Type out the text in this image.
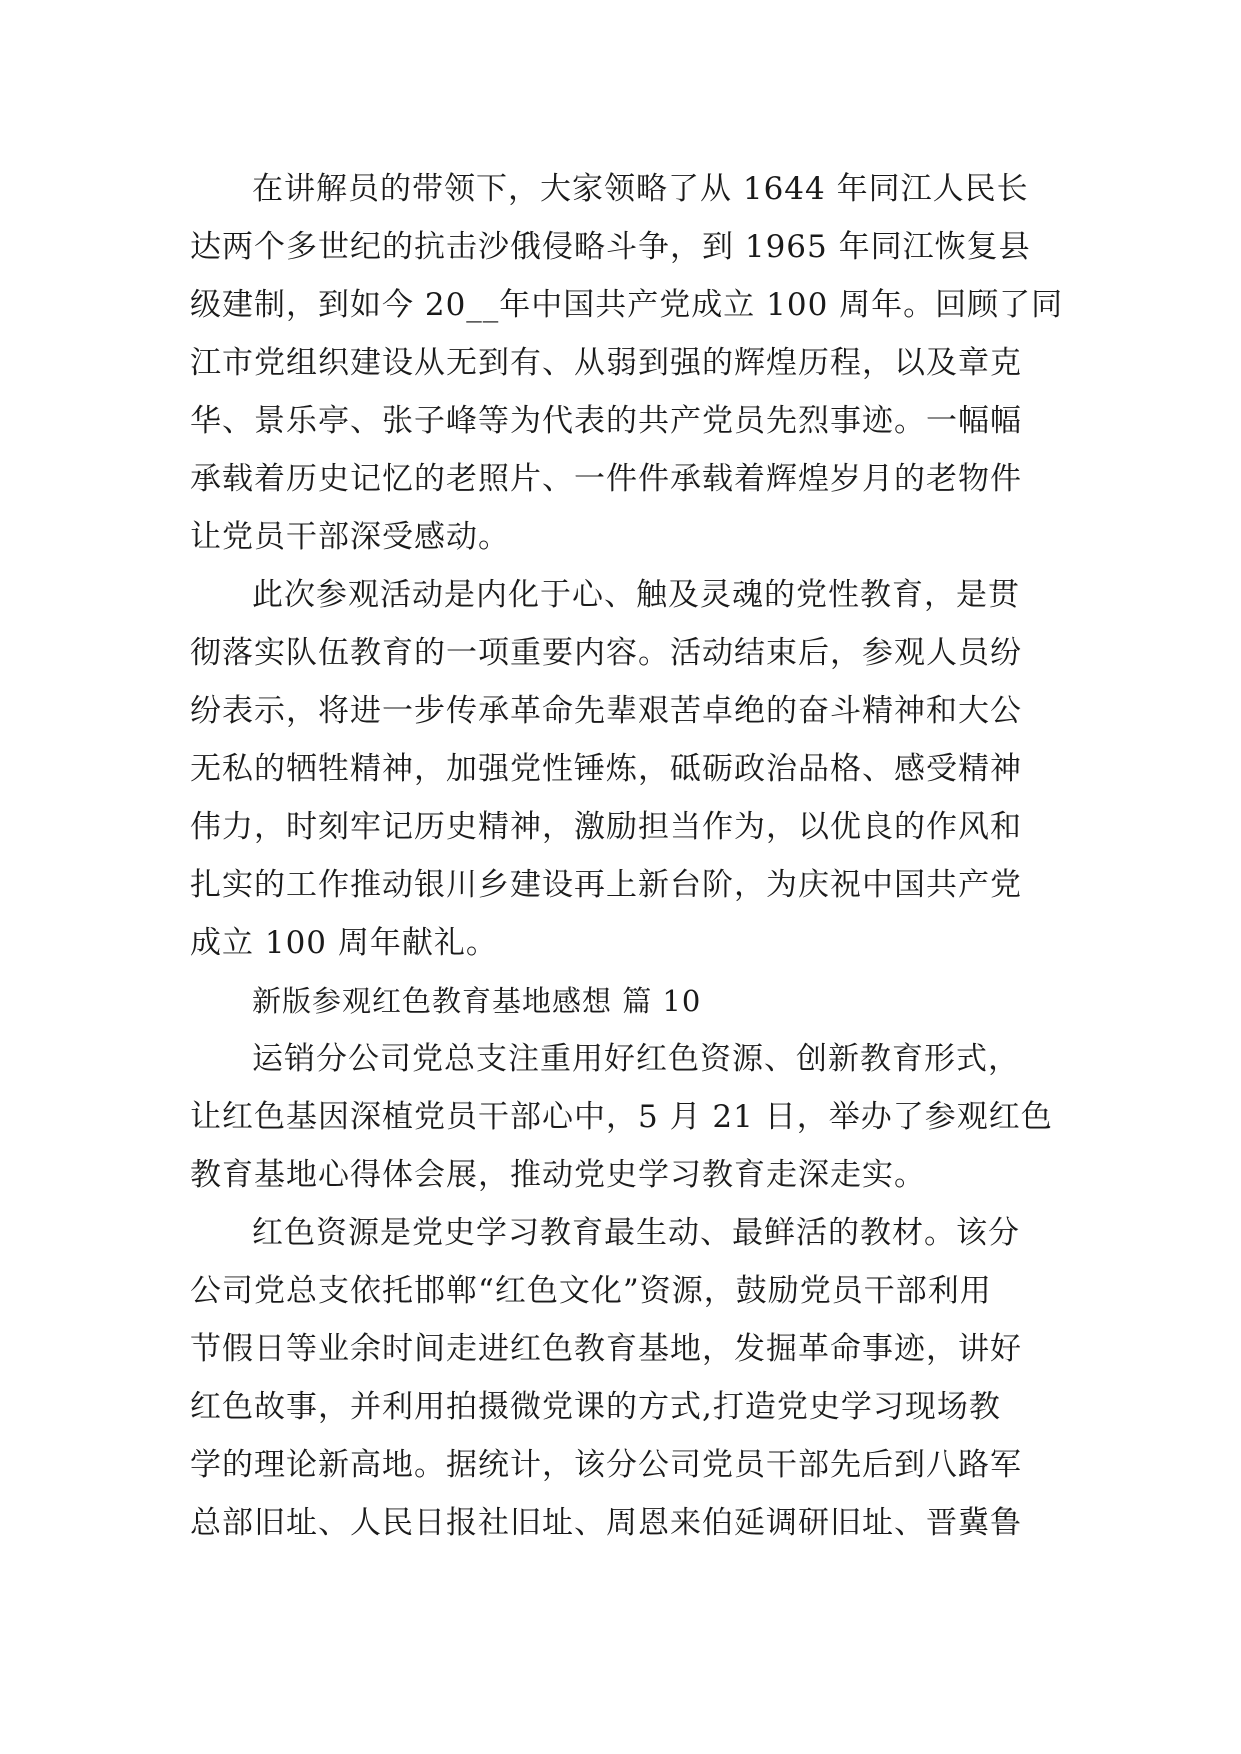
在讲解员的带领下，大家领略了从 1644 年同江人民长
达两个多世纪的抗击沙俄侵略斗争，到 1965 年同江恢复县
级建制，到如今 20__年中国共产党成立 100 周年。回顾了同
江市党组织建设从无到有、从弱到强的辉煌历程，以及章克
华、景乐亭、张子峰等为代表的共产党员先烈事迹。一幅幅
承载着历史记忆的老照片、一件件承载着辉煌岁月的老物件
让党员干部深受感动。
此次参观活动是内化于心、触及灵魂的党性教育，是贯
彻落实队伍教育的一项重要内容。活动结束后，参观人员纷
纷表示，将进一步传承革命先辈艰苦卓绝的奋斗精神和大公
无私的牺牲精神，加强党性锤炼，砥砺政治品格、感受精神
伟力，时刻牢记历史精神，激励担当作为，以优良的作风和
扎实的工作推动银川乡建设再上新台阶，为庆祝中国共产党
成立 100 周年献礼。
新版参观红色教育基地感想 篇 10
运销分公司党总支注重用好红色资源、创新教育形式，
让红色基因深植党员干部心中，5 月 21 日，举办了参观红色
教育基地心得体会展，推动党史学习教育走深走实。
红色资源是党史学习教育最生动、最鲜活的教材。该分
公司党总支依托邯郸“红色文化”资源，鼓励党员干部利用
节假日等业余时间走进红色教育基地，发掘革命事迹，讲好
红色故事，并利用拍摄微党课的方式,打造党史学习现场教
学的理论新高地。据统计，该分公司党员干部先后到八路军
总部旧址、人民日报社旧址、周恩来伯延调研旧址、晋冀鲁
